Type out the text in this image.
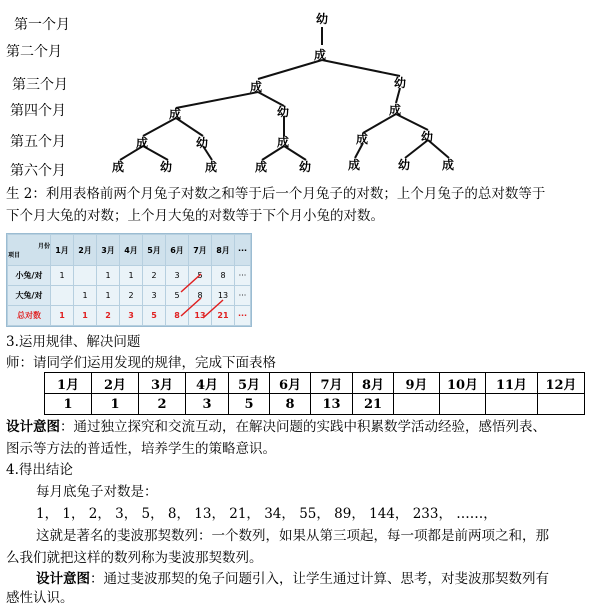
第一个月
第二个月
第三个月
第四个月
第五个月
第六个月
幼
成
成	幼
成	幼	成
成	幼	成	成	幼
成	幼	成	成	幼	成	幼	成
生 2：利用表格前两个月兔子对数之和等于后一个月兔子的对数；上个月兔子的总对数等于
下个月大兔的对数；上个月大兔的对数等于下个月小兔的对数。
月份
项目	1月	2月	3月	4月	5月	6月	7月	8月	···
小兔/对	1		1	1	2	3	5	8	···
大兔/对		1	1	2	3	5	8	13	···
总对数	1	1	2	3	5	8	13	21	···
3.运用规律、解决问题
师：请同学们运用发现的规律，完成下面表格
1月	2月	3月	4月	5月	6月	7月	8月	9月	10月	11月	12月
1	1	2	3	5	8	13	21				
设计意图：通过独立探究和交流互动，在解决问题的实践中积累数学活动经验，感悟列表、
图示等方法的普适性，培养学生的策略意识。
4.得出结论
每月底兔子对数是：
1， 1， 2， 3， 5， 8， 13， 21， 34， 55， 89， 144， 233， ……，
这就是著名的斐波那契数列：一个数列，如果从第三项起，每一项都是前两项之和，那
么我们就把这样的数列称为斐波那契数列。
设计意图：通过斐波那契的兔子问题引入，让学生通过计算、思考，对斐波那契数列有
感性认识。
